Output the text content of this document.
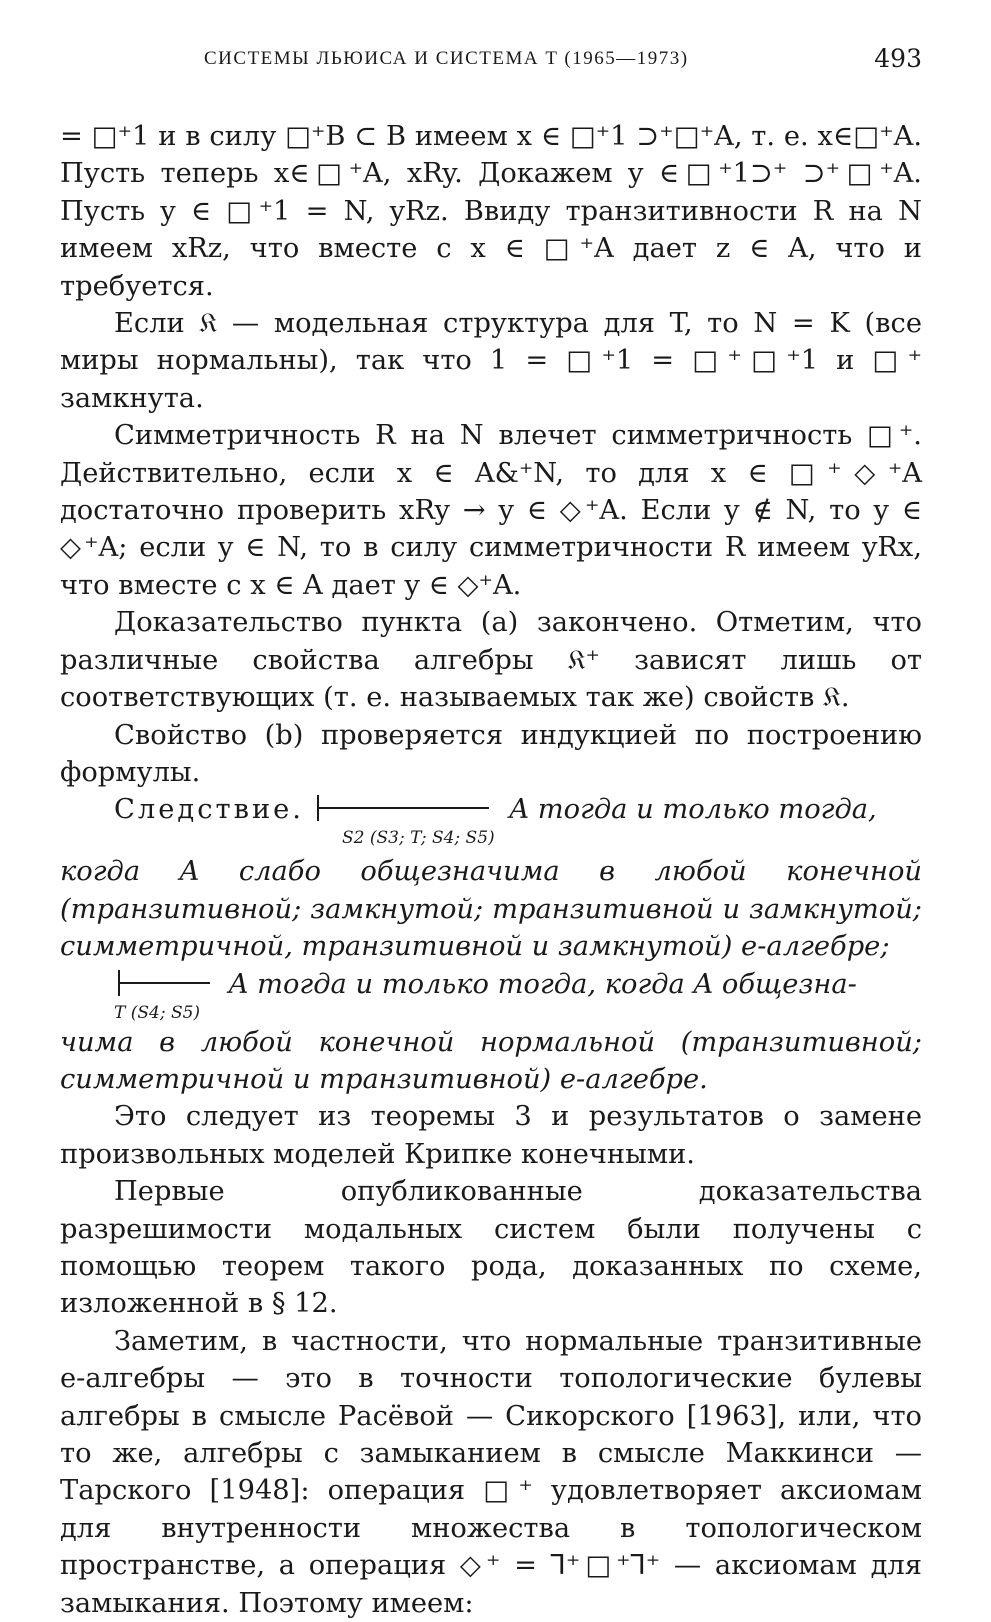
СИСТЕМЫ ЛЬЮИСА И СИСТЕМА T (1965—1973)	493

= □⁺1 и в силу □⁺B ⊂ B имеем x ∈ □⁺1 ⊃⁺□⁺A, т. е. x∈□⁺A. Пусть теперь x∈□⁺A, xRy. Докажем y ∈□⁺1⊃⁺ ⊃⁺□⁺A. Пусть y ∈ □⁺1 = N, yRz. Ввиду транзитивности R на N имеем xRz, что вместе с x ∈ □⁺A дает z ∈ A, что и требуется.

Если 𝔎 — модельная структура для T, то N = K (все миры нормальны), так что 1 = □⁺1 = □⁺□⁺1 и □⁺ замкнута.

Симметричность R на N влечет симметричность □⁺. Действительно, если x ∈ A&⁺N, то для x ∈ □⁺◇⁺A достаточно проверить xRy → y ∈ ◇⁺A. Если y ∉ N, то y ∈ ◇⁺A; если y ∈ N, то в силу симметричности R имеем yRx, что вместе с x ∈ A дает y ∈ ◇⁺A.

Доказательство пункта (a) закончено. Отметим, что различные свойства алгебры 𝔎⁺ зависят лишь от соответствующих (т. е. называемых так же) свойств 𝔎.

Свойство (b) проверяется индукцией по построению формулы.

Следствие.	A тогда и только тогда,
S2 (S3; T; S4; S5)

когда A слабо общезначима в любой конечной (транзитивной; замкнутой; транзитивной и замкнутой; симметричной, транзитивной и замкнутой) e-алгебре;

A тогда и только тогда, когда A общезна-
T (S4; S5)

чима в любой конечной нормальной (транзитивной; симметричной и транзитивной) e-алгебре.

Это следует из теоремы 3 и результатов о замене произвольных моделей Крипке конечными.

Первые опубликованные доказательства разрешимости модальных систем были получены с помощью теорем такого рода, доказанных по схеме, изложенной в § 12.

Заметим, в частности, что нормальные транзитивные e-алгебры — это в точности топологические булевы алгебры в смысле Расёвой — Сикорского [1963], или, что то же, алгебры с замыканием в смысле Маккинси — Тарского [1948]: операция □⁺ удовлетворяет аксиомам для внутренности множества в топологическом пространстве, а операция ◇⁺ = ⅂⁺□⁺⅂⁺ — аксиомам для замыкания. Поэтому имеем:
